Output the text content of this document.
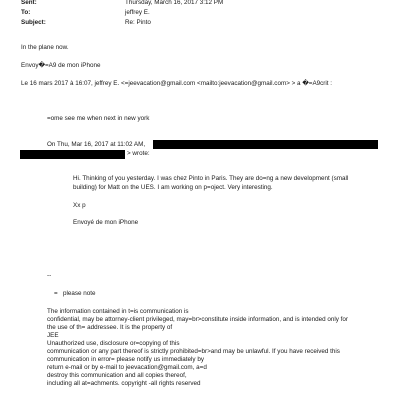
Sent:	Thursday, March 16, 2017 3:12 PM
To:	jeffrey E.
Subject:	Re: Pinto
In the plane now.
Envoy�=A9 de mon iPhone
Le 16 mars 2017 à 16:07, jeffrey E. <=jeevacation@gmail.com <mailto:jeevacation@gmail.com> > a �=A9crit :
=ome see me when next in new york
On Thu, Mar 16, 2017 at 11:02 AM,
> wrote:
Hi. Thinking of you yesterday. I was chez Pinto in Paris. They are do=ng a new development (small
building) for Matt on the UES. I am working on p=oject. Very interesting.
Xx p
Envoyé de mon iPhone
--
= please note
The information contained in t=is communication is
confidential, may be attorney-client privileged, may=br>constitute inside information, and is intended only for
the use of th= addressee. It is the property of
JEE
Unauthorized use, disclosure or=copying of this
communication or any part thereof is strictly prohibited=br>and may be unlawful. If you have received this
communication in error= please notify us immediately by
return e-mail or by e-mail to jeevacation@gmail.com, a=d
destroy this communication and all copies thereof,
including all at=achments. copyright -all rights reserved
